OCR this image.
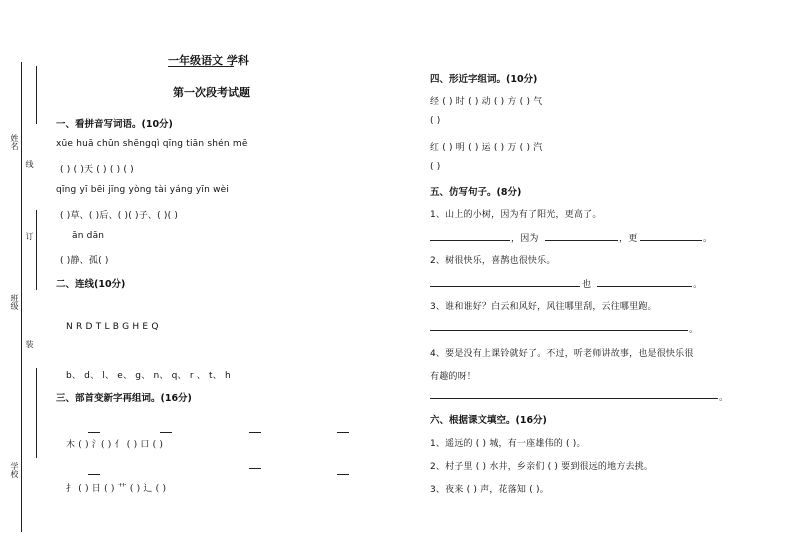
姓名
线
订
班级
装
学校
一年级语文 学科
第一次段考试题
一、看拼音写词语。(10分)
xūe huā chūn shēngqì qīng tiān shén mē
( ) ( )天 ( ) ( ) ( )
qīng yī bēi jīng yòng tài yáng yīn wèi
( )草、( )后、( )( )子、( )( )
ān dān
( )静、孤( )
二、连线(10分)
N R D T L B G H E Q
b、 d、 l、 e、 g、 n、 q、 r 、 t、 h
三、部首变新字再组词。(16分)
木 ( ) 氵( ) 亻 ( ) 口 ( )
扌 ( ) 日 ( ) 艹 ( ) 辶 ( )
四、形近字组词。(10分)
经 ( ) 时 ( ) 动 ( ) 方 ( ) 气
( )
红 ( ) 明 ( ) 运 ( ) 万 ( ) 汽
( )
五、仿写句子。(8分)
1、山上的小树，因为有了阳光，更高了。
，因为	，更	。
2、树很快乐，喜鹊也很快乐。
也	。
3、谁和谁好？白云和风好，风往哪里刮，云往哪里跑。
。
4、要是没有上课铃就好了。不过，听老师讲故事，也是很快乐很
有趣的呀！
。
六、根据课文填空。(16分)
1、遥远的 ( ) 城，有一座雄伟的 ( )。
2、村子里 ( ) 水井，乡亲们 ( ) 要到很远的地方去挑。
3、夜来 ( ) 声，花落知 ( )。
